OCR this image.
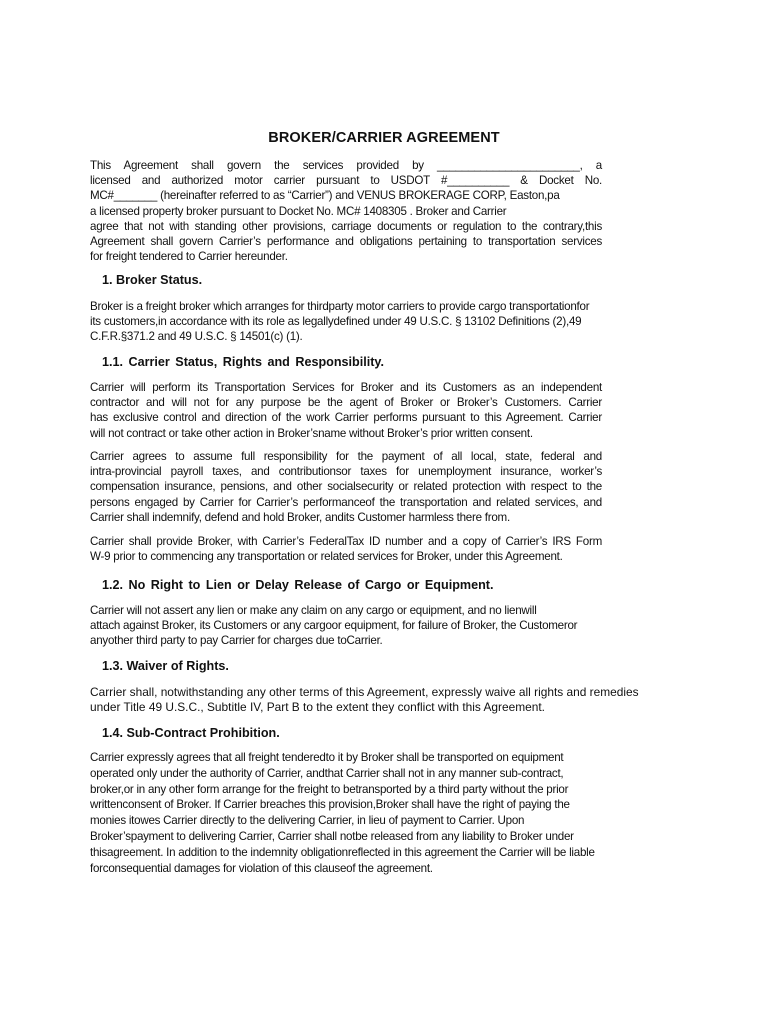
BROKER/CARRIER AGREEMENT
This Agreement shall govern the services provided by _______________________, a
licensed and authorized motor carrier pursuant to USDOT #__________ & Docket No.
MC#_______ (hereinafter referred to as “Carrier”) and VENUS BROKERAGE CORP, Easton,pa
a licensed property broker pursuant to Docket No. MC# 1408305 . Broker and Carrier
agree that not with standing other provisions, carriage documents or regulation to the contrary,this
Agreement shall govern Carrier’s performance and obligations pertaining to transportation services
for freight tendered to Carrier hereunder.
1. Broker Status.
Broker is a freight broker which arranges for thirdparty motor carriers to provide cargo transportationfor
its customers,in accordance with its role as legallydefined under 49 U.S.C. § 13102 Definitions (2),49
C.F.R.§371.2 and 49 U.S.C. § 14501(c) (1).
1.1. Carrier Status, Rights and Responsibility.
Carrier will perform its Transportation Services for Broker and its Customers as an independent
contractor and will not for any purpose be the agent of Broker or Broker’s Customers. Carrier
has exclusive control and direction of the work Carrier performs pursuant to this Agreement. Carrier
will not contract or take other action in Broker’sname without Broker’s prior written consent.
Carrier agrees to assume full responsibility for the payment of all local, state, federal and
intra-provincial payroll taxes, and contributionsor taxes for unemployment insurance, worker’s
compensation insurance, pensions, and other socialsecurity or related protection with respect to the
persons engaged by Carrier for Carrier’s performanceof the transportation and related services, and
Carrier shall indemnify, defend and hold Broker, andits Customer harmless there from.
Carrier shall provide Broker, with Carrier’s FederalTax ID number and a copy of Carrier’s IRS Form
W-9 prior to commencing any transportation or related services for Broker, under this Agreement.
1.2. No Right to Lien or Delay Release of Cargo or Equipment.
Carrier will not assert any lien or make any claim on any cargo or equipment, and no lienwill
attach against Broker, its Customers or any cargoor equipment, for failure of Broker, the Customeror
anyother third party to pay Carrier for charges due toCarrier.
1.3. Waiver of Rights.
Carrier shall, notwithstanding any other terms of this Agreement, expressly waive all rights and remedies
under Title 49 U.S.C., Subtitle IV, Part B to the extent they conflict with this Agreement.
1.4. Sub-Contract Prohibition.
Carrier expressly agrees that all freight tenderedto it by Broker shall be transported on equipment
operated only under the authority of Carrier, andthat Carrier shall not in any manner sub-contract,
broker,or in any other form arrange for the freight to betransported by a third party without the prior
writtenconsent of Broker. If Carrier breaches this provision,Broker shall have the right of paying the
monies itowes Carrier directly to the delivering Carrier, in lieu of payment to Carrier. Upon
Broker’spayment to delivering Carrier, Carrier shall notbe released from any liability to Broker under
thisagreement. In addition to the indemnity obligationreflected in this agreement the Carrier will be liable
forconsequential damages for violation of this clauseof the agreement.
